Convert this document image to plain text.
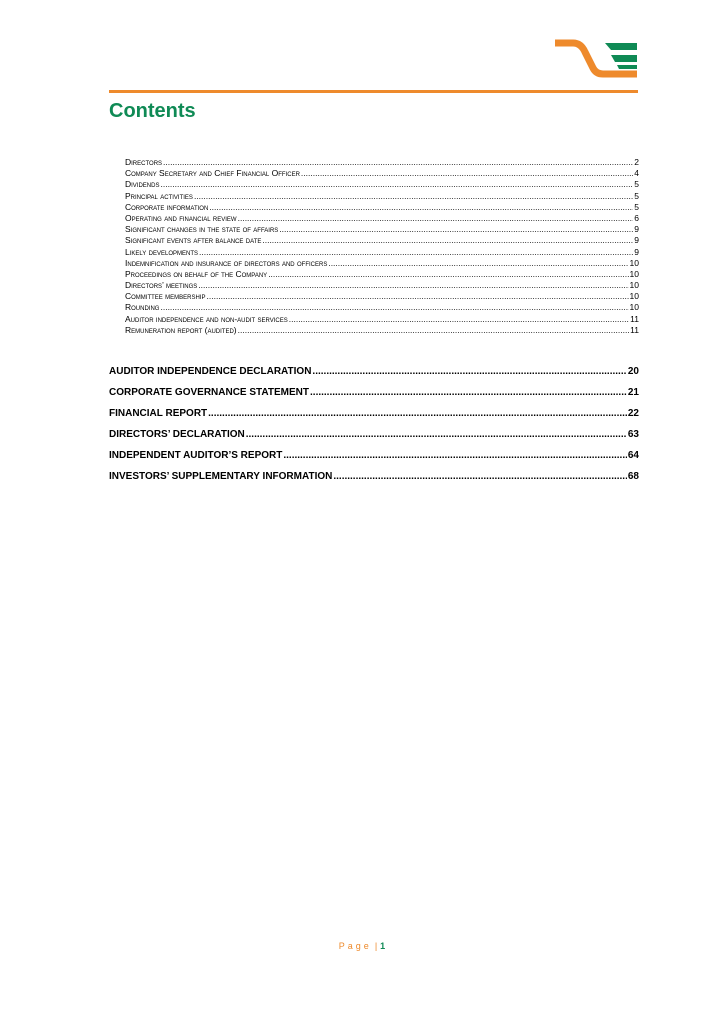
Contents
Directors .....	2
Company Secretary and Chief Financial Officer .....	4
Dividends .....	5
Principal activities .....	5
Corporate information .....	5
Operating and financial review .....	6
Significant changes in the state of affairs .....	9
Significant events after balance date .....	9
Likely developments .....	9
Indemnification and insurance of directors and officers .....	10
Proceedings on behalf of the Company .....	10
Directors’ meetings .....	10
Committee membership .....	10
Rounding .....	10
Auditor independence and non-audit services .....	11
Remuneration report (audited) .....	11
AUDITOR INDEPENDENCE DECLARATION .....	20
CORPORATE GOVERNANCE STATEMENT .....	21
FINANCIAL REPORT .....	22
DIRECTORS’ DECLARATION .....	63
INDEPENDENT AUDITOR’S REPORT .....	64
INVESTORS’ SUPPLEMENTARY INFORMATION .....	68
Page | 1
